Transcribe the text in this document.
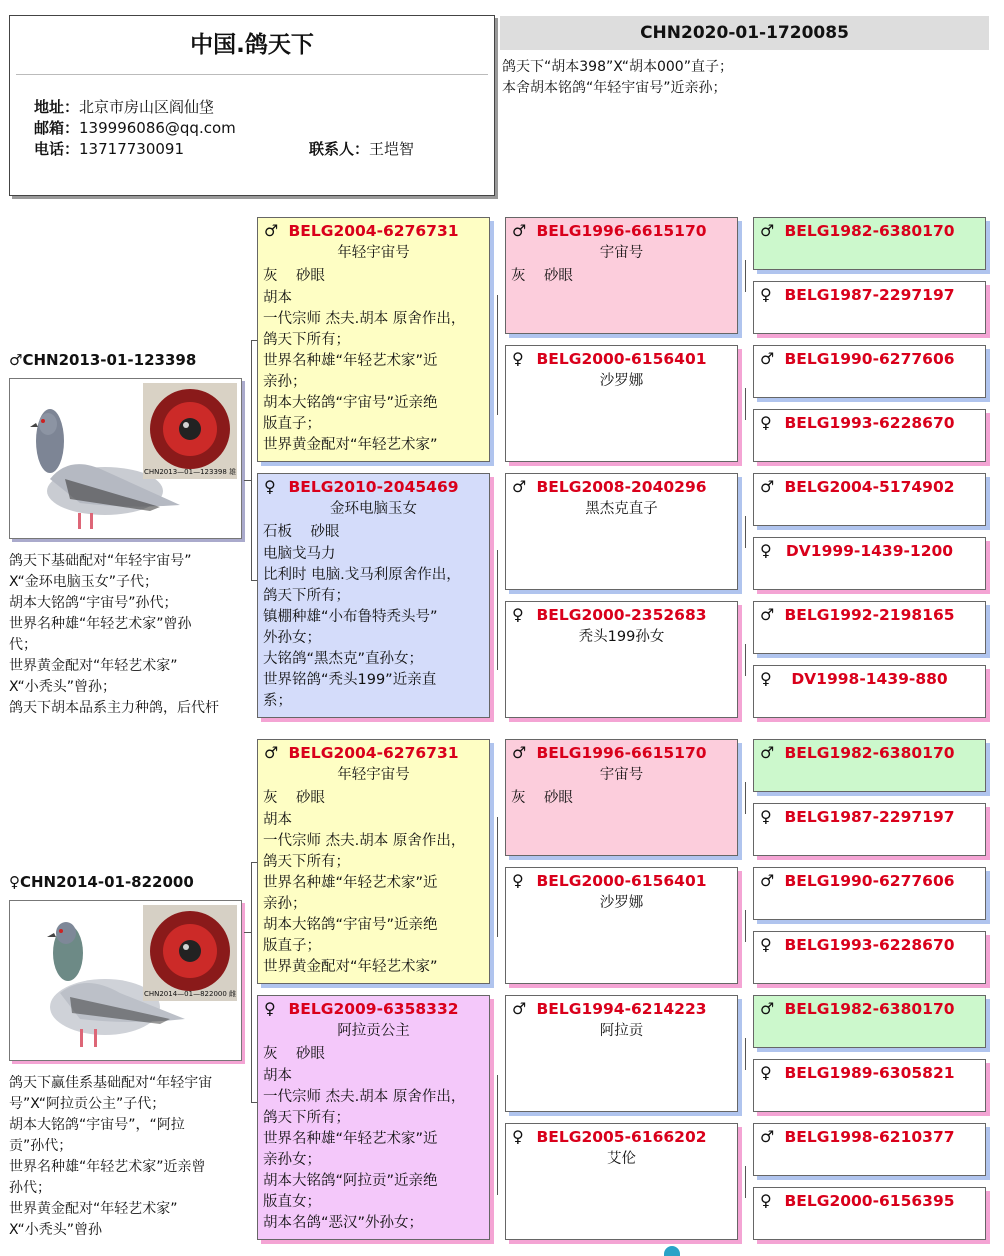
中国.鸽天下
地址：北京市房山区阎仙垡
邮箱：139996086@qq.com
电话：13717730091	联系人：王垲智
CHN2020-01-1720085
鸽天下“胡本398”X“胡本000”直子；
本舍胡本铭鸽“年轻宇宙号”近亲孙；
♂CHN2013-01-123398
CHN2013—01—123398 雄
鸽天下基础配对“年轻宇宙号”
X“金环电脑玉女”子代；
胡本大铭鸽“宇宙号”孙代；
世界名种雄“年轻艺术家”曾孙
代；
世界黄金配对“年轻艺术家”
X“小秃头”曾孙；
鸽天下胡本品系主力种鸽，后代杆
♀CHN2014-01-822000
CHN2014—01—822000 雌
鸽天下赢佳系基础配对“年轻宇宙
号”X“阿拉贡公主”子代；
胡本大铭鸽“宇宙号”，“阿拉
贡”孙代；
世界名种雄“年轻艺术家”近亲曾
孙代；
世界黄金配对“年轻艺术家”
X“小秃头”曾孙
♂ BELG2004-6276731
年轻宇宙号
灰 砂眼
胡本
一代宗师 杰夫.胡本 原舍作出，
鸽天下所有；
世界名种雄“年轻艺术家”近
亲孙；
胡本大铭鸽“宇宙号”近亲绝
版直子；
世界黄金配对“年轻艺术家”
♀ BELG2010-2045469
金环电脑玉女
石板 砂眼
电脑戈马力
比利时 电脑.戈马利原舍作出，
鸽天下所有；
镇棚种雄“小布鲁特秃头号”
外孙女；
大铭鸽“黑杰克”直孙女；
世界铭鸽“秃头199”近亲直
系；
♂ BELG2004-6276731
年轻宇宙号
灰 砂眼
胡本
一代宗师 杰夫.胡本 原舍作出，
鸽天下所有；
世界名种雄“年轻艺术家”近
亲孙；
胡本大铭鸽“宇宙号”近亲绝
版直子；
世界黄金配对“年轻艺术家”
♀ BELG2009-6358332
阿拉贡公主
灰 砂眼
胡本
一代宗师 杰夫.胡本 原舍作出，
鸽天下所有；
世界名种雄“年轻艺术家”近
亲孙女；
胡本大铭鸽“阿拉贡”近亲绝
版直女；
胡本名鸽“恶汉”外孙女；
♂ BELG1996-6615170
宇宙号
灰 砂眼
♀ BELG2000-6156401
沙罗娜
♂ BELG2008-2040296
黑杰克直子
♀ BELG2000-2352683
秃头199孙女
♂ BELG1996-6615170
宇宙号
灰 砂眼
♀ BELG2000-6156401
沙罗娜
♂ BELG1994-6214223
阿拉贡
♀ BELG2005-6166202
艾伦
♂ BELG1982-6380170
♀ BELG1987-2297197
♂ BELG1990-6277606
♀ BELG1993-6228670
♂ BELG2004-5174902
♀ DV1999-1439-1200
♂ BELG1992-2198165
♀	DV1998-1439-880
♂ BELG1982-6380170
♀ BELG1987-2297197
♂ BELG1990-6277606
♀ BELG1993-6228670
♂ BELG1982-6380170
♀ BELG1989-6305821
♂ BELG1998-6210377
♀ BELG2000-6156395
